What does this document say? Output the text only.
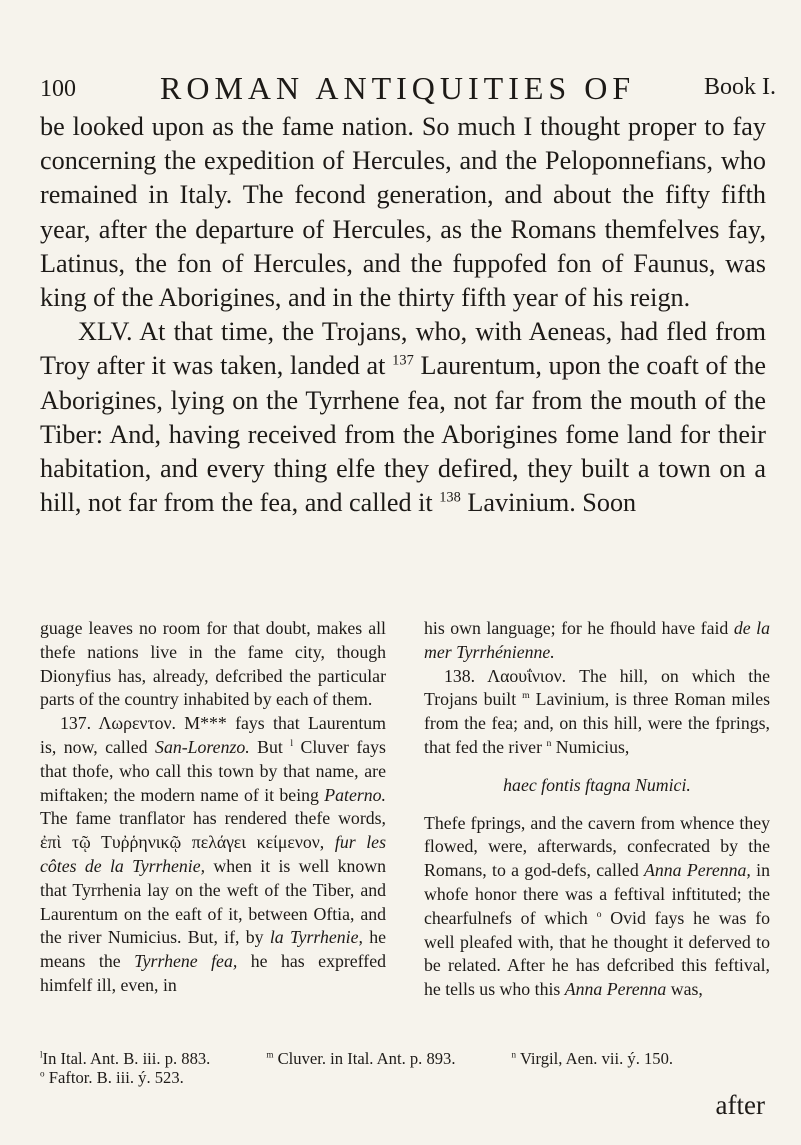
100	ROMAN ANTIQUITIES OF	Book I.

be looked upon as the fame nation. So much I thought proper to fay concerning the expedition of Hercules, and the Peloponnefians, who remained in Italy. The fecond generation, and about the fifty fifth year, after the departure of Hercules, as the Romans themfelves fay, Latinus, the fon of Hercules, and the fuppofed fon of Faunus, was king of the Aborigines, and in the thirty fifth year of his reign.

XLV. At that time, the Trojans, who, with Aeneas, had fled from Troy after it was taken, landed at $^{137}$ Laurentum, upon the coaft of the Aborigines, lying on the Tyrrhene fea, not far from the mouth of the Tiber: And, having received from the Aborigines fome land for their habitation, and every thing elfe they defired, they built a town on a hill, not far from the fea, and called it $^{138}$ Lavinium. Soon

guage leaves no room for that doubt, makes all thefe nations live in the fame city, though Dionyfius has, already, defcribed the particular parts of the country inhabited by each of them.

137. Λωρεντον. M*** fays that Laurentum is, now, called San-Lorenzo. But $^l$ Cluver fays that thofe, who call this town by that name, are miftaken; the modern name of it being Paterno. The fame tranflator has rendered thefe words, ἐπὶ τῷ Τυῤῥηνικῷ πελάγει κείμενον, fur les côtes de la Tyrrhenie, when it is well known that Tyrrhenia lay on the weft of the Tiber, and Laurentum on the eaft of it, between Oftia, and the river Numicius. But, if, by la Tyrrhenie, he means the Tyrrhene fea, he has expreffed himfelf ill, even, in

his own language; for he fhould have faid de la mer Tyrrhénienne.

138. Λαουΐνιον. The hill, on which the Trojans built $^m$ Lavinium, is three Roman miles from the fea; and, on this hill, were the fprings, that fed the river $^n$ Numicius,

haec fontis ftagna Numici.

Thefe fprings, and the cavern from whence they flowed, were, afterwards, confecrated by the Romans, to a god-defs, called Anna Perenna, in whofe honor there was a feftival inftituted; the chearfulnefs of which $^o$ Ovid fays he was fo well pleafed with, that he thought it deferved to be related. After he has defcribed this feftival, he tells us who this Anna Perenna was,

$^l$In Ital. Ant. B. iii. p. 883.	$^m$ Cluver. in Ital. Ant. p. 893.	$^n$ Virgil, Aen. vii. ý. 150.
$^o$ Faftor. B. iii. ý. 523.
after
